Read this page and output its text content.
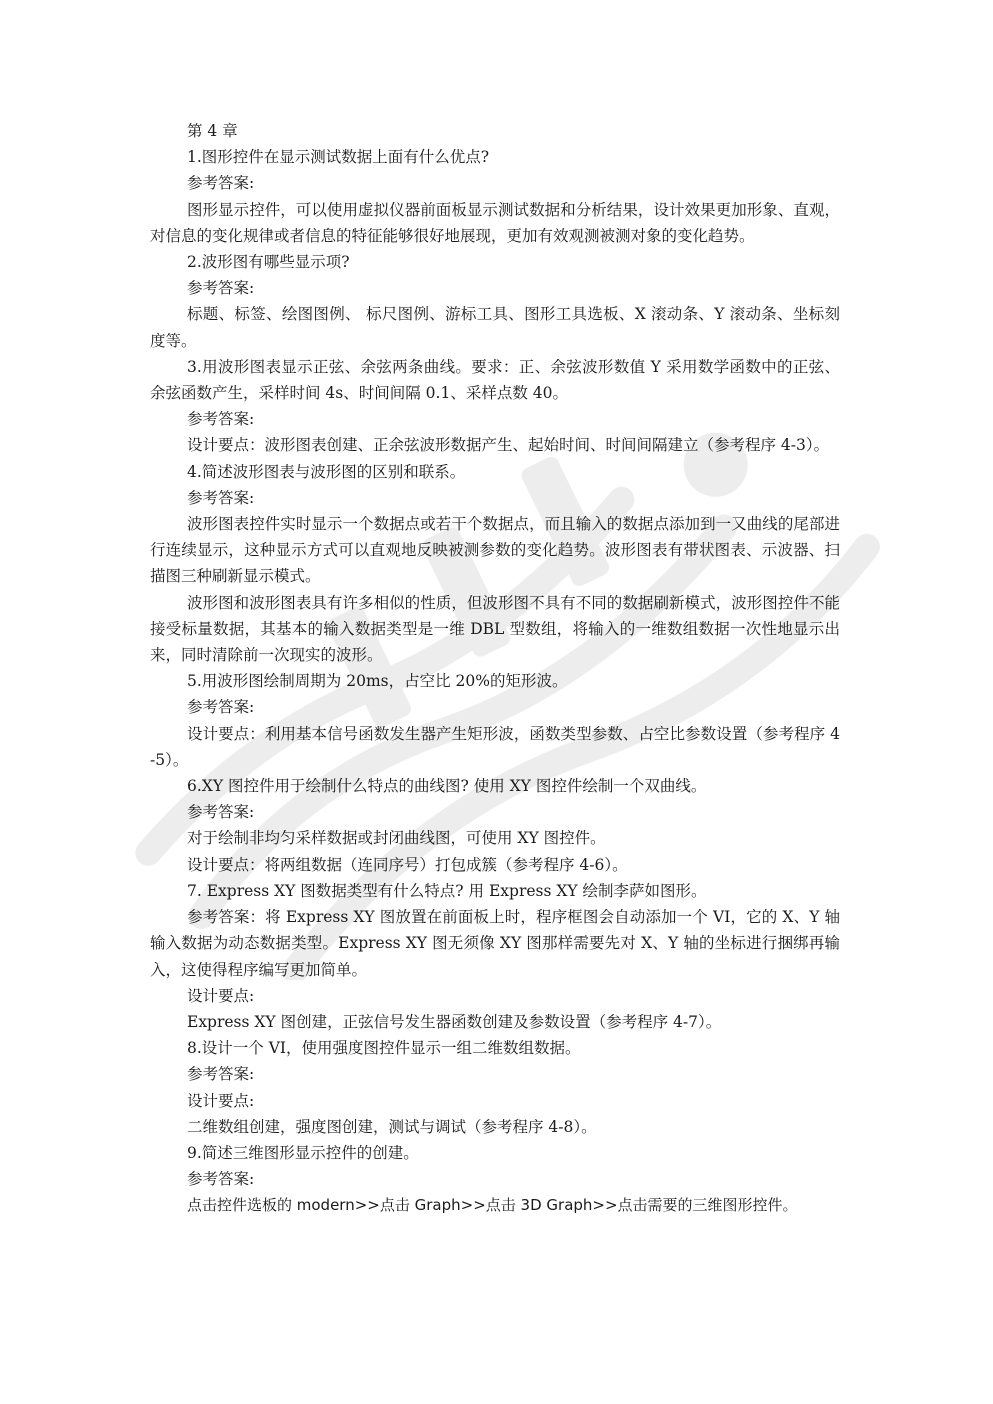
第 4 章

1.图形控件在显示测试数据上面有什么优点?

参考答案:

图形显示控件，可以使用虚拟仪器前面板显示测试数据和分析结果，设计效果更加形象、直观，对信息的变化规律或者信息的特征能够很好地展现，更加有效观测被测对象的变化趋势。

2.波形图有哪些显示项?

参考答案:

标题、标签、绘图图例、 标尺图例、游标工具、图形工具选板、X 滚动条、Y 滚动条、坐标刻度等。

3.用波形图表显示正弦、余弦两条曲线。要求：正、余弦波形数值 Y 采用数学函数中的正弦、余弦函数产生，采样时间 4s、时间间隔 0.1、采样点数 40。

参考答案:

设计要点：波形图表创建、正余弦波形数据产生、起始时间、时间间隔建立（参考程序 4-3）。

4.简述波形图表与波形图的区别和联系。

参考答案:

波形图表控件实时显示一个数据点或若干个数据点，而且输入的数据点添加到一又曲线的尾部进行连续显示，这种显示方式可以直观地反映被测参数的变化趋势。波形图表有带状图表、示波器、扫描图三种刷新显示模式。

波形图和波形图表具有许多相似的性质，但波形图不具有不同的数据刷新模式，波形图控件不能接受标量数据，其基本的输入数据类型是一维 DBL 型数组，将输入的一维数组数据一次性地显示出来，同时清除前一次现实的波形。

5.用波形图绘制周期为 20ms，占空比 20%的矩形波。

参考答案:

设计要点：利用基本信号函数发生器产生矩形波，函数类型参数、占空比参数设置（参考程序 4-5）。

6.XY 图控件用于绘制什么特点的曲线图? 使用 XY 图控件绘制一个双曲线。

参考答案:

对于绘制非均匀采样数据或封闭曲线图，可使用 XY 图控件。

设计要点：将两组数据（连同序号）打包成簇（参考程序 4-6）。

7. Express XY 图数据类型有什么特点? 用 Express XY 绘制李萨如图形。

参考答案：将 Express XY 图放置在前面板上时，程序框图会自动添加一个 VI，它的 X、Y 轴输入数据为动态数据类型。Express XY 图无须像 XY 图那样需要先对 X、Y 轴的坐标进行捆绑再输入，这使得程序编写更加简单。

设计要点:

Express XY 图创建，正弦信号发生器函数创建及参数设置（参考程序 4-7）。

8.设计一个 VI，使用强度图控件显示一组二维数组数据。

参考答案:

设计要点:

二维数组创建，强度图创建，测试与调试（参考程序 4-8）。

9.简述三维图形显示控件的创建。

参考答案:

点击控件选板的 modern>>点击 Graph>>点击 3D Graph>>点击需要的三维图形控件。
